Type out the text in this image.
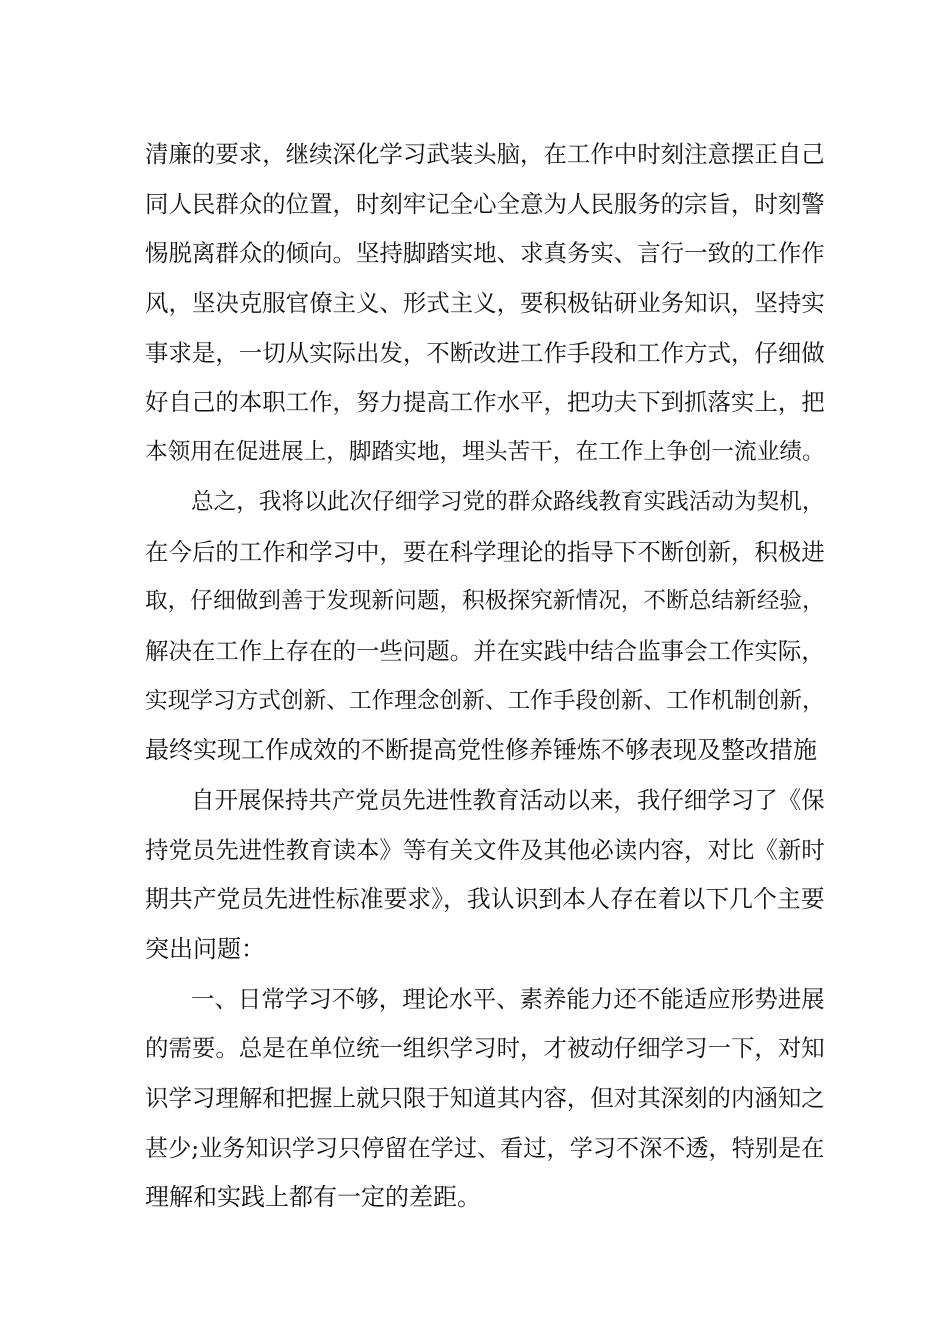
清廉的要求，继续深化学习武装头脑，在工作中时刻注意摆正自己
同人民群众的位置，时刻牢记全心全意为人民服务的宗旨，时刻警
惕脱离群众的倾向。坚持脚踏实地、求真务实、言行一致的工作作
风，坚决克服官僚主义、形式主义，要积极钻研业务知识，坚持实
事求是，一切从实际出发，不断改进工作手段和工作方式，仔细做
好自己的本职工作，努力提高工作水平，把功夫下到抓落实上，把
本领用在促进展上，脚踏实地，埋头苦干，在工作上争创一流业绩。
总之，我将以此次仔细学习党的群众路线教育实践活动为契机，
在今后的工作和学习中，要在科学理论的指导下不断创新，积极进
取，仔细做到善于发现新问题，积极探究新情况，不断总结新经验，
解决在工作上存在的一些问题。并在实践中结合监事会工作实际，
实现学习方式创新、工作理念创新、工作手段创新、工作机制创新，
最终实现工作成效的不断提高党性修养锤炼不够表现及整改措施
自开展保持共产党员先进性教育活动以来，我仔细学习了《保
持党员先进性教育读本》等有关文件及其他必读内容，对比《新时
期共产党员先进性标准要求》，我认识到本人存在着以下几个主要
突出问题：
一、日常学习不够，理论水平、素养能力还不能适应形势进展
的需要。总是在单位统一组织学习时，才被动仔细学习一下，对知
识学习理解和把握上就只限于知道其内容，但对其深刻的内涵知之
甚少;业务知识学习只停留在学过、看过，学习不深不透，特别是在
理解和实践上都有一定的差距。
